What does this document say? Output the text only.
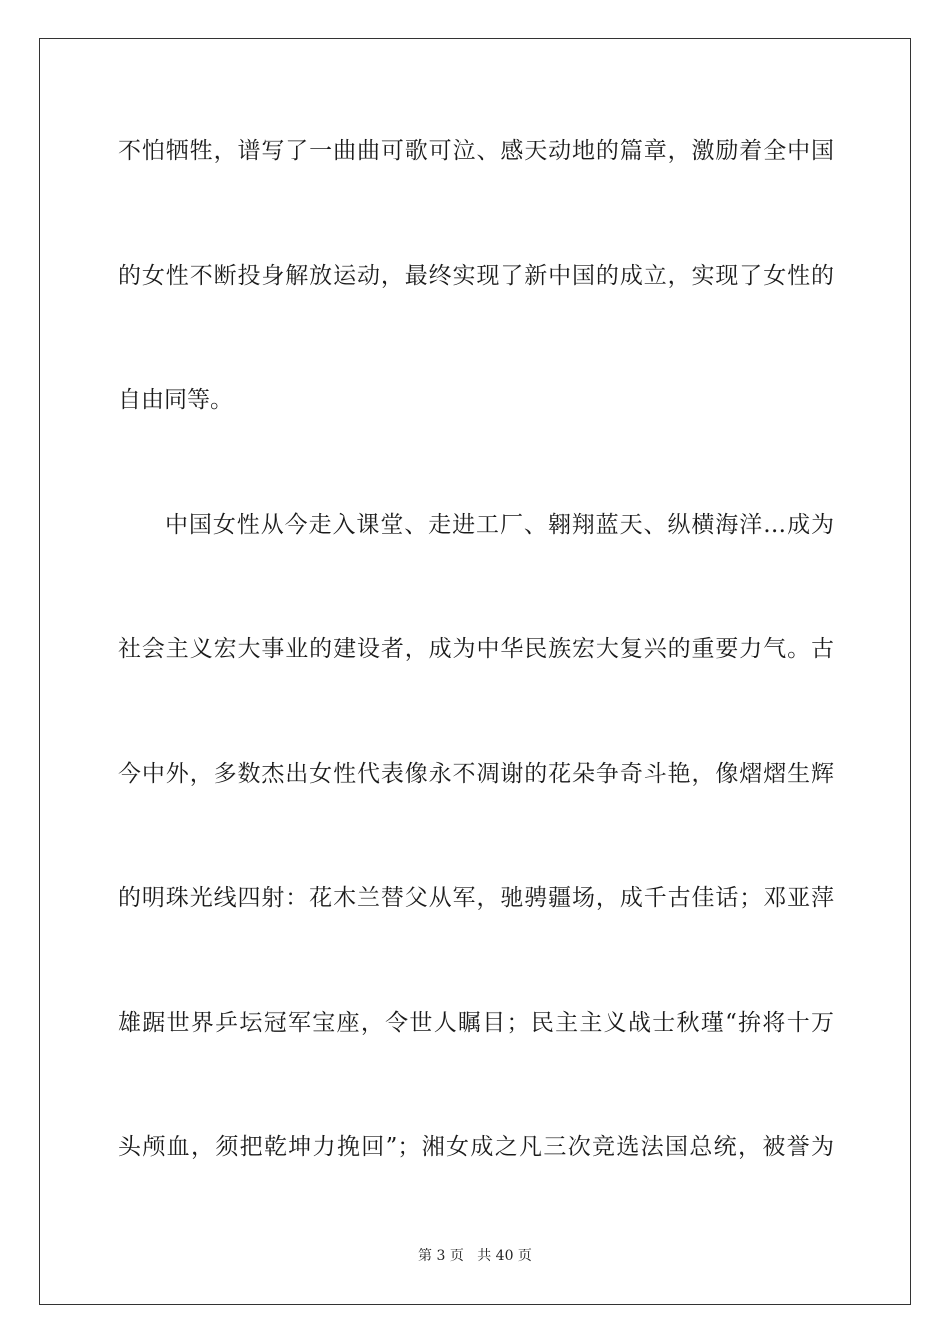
不怕牺牲，谱写了一曲曲可歌可泣、感天动地的篇章，激励着全中国
的女性不断投身解放运动，最终实现了新中国的成立，实现了女性的
自由同等。
中国女性从今走入课堂、走进工厂、翱翔蓝天、纵横海洋…成为
社会主义宏大事业的建设者，成为中华民族宏大复兴的重要力气。古
今中外，多数杰出女性代表像永不凋谢的花朵争奇斗艳，像熠熠生辉
的明珠光线四射：花木兰替父从军，驰骋疆场，成千古佳话；邓亚萍
雄踞世界乒坛冠军宝座，令世人瞩目；民主主义战士秋瑾“拚将十万
头颅血，须把乾坤力挽回”；湘女成之凡三次竞选法国总统，被誉为
第 3 页 共 40 页
